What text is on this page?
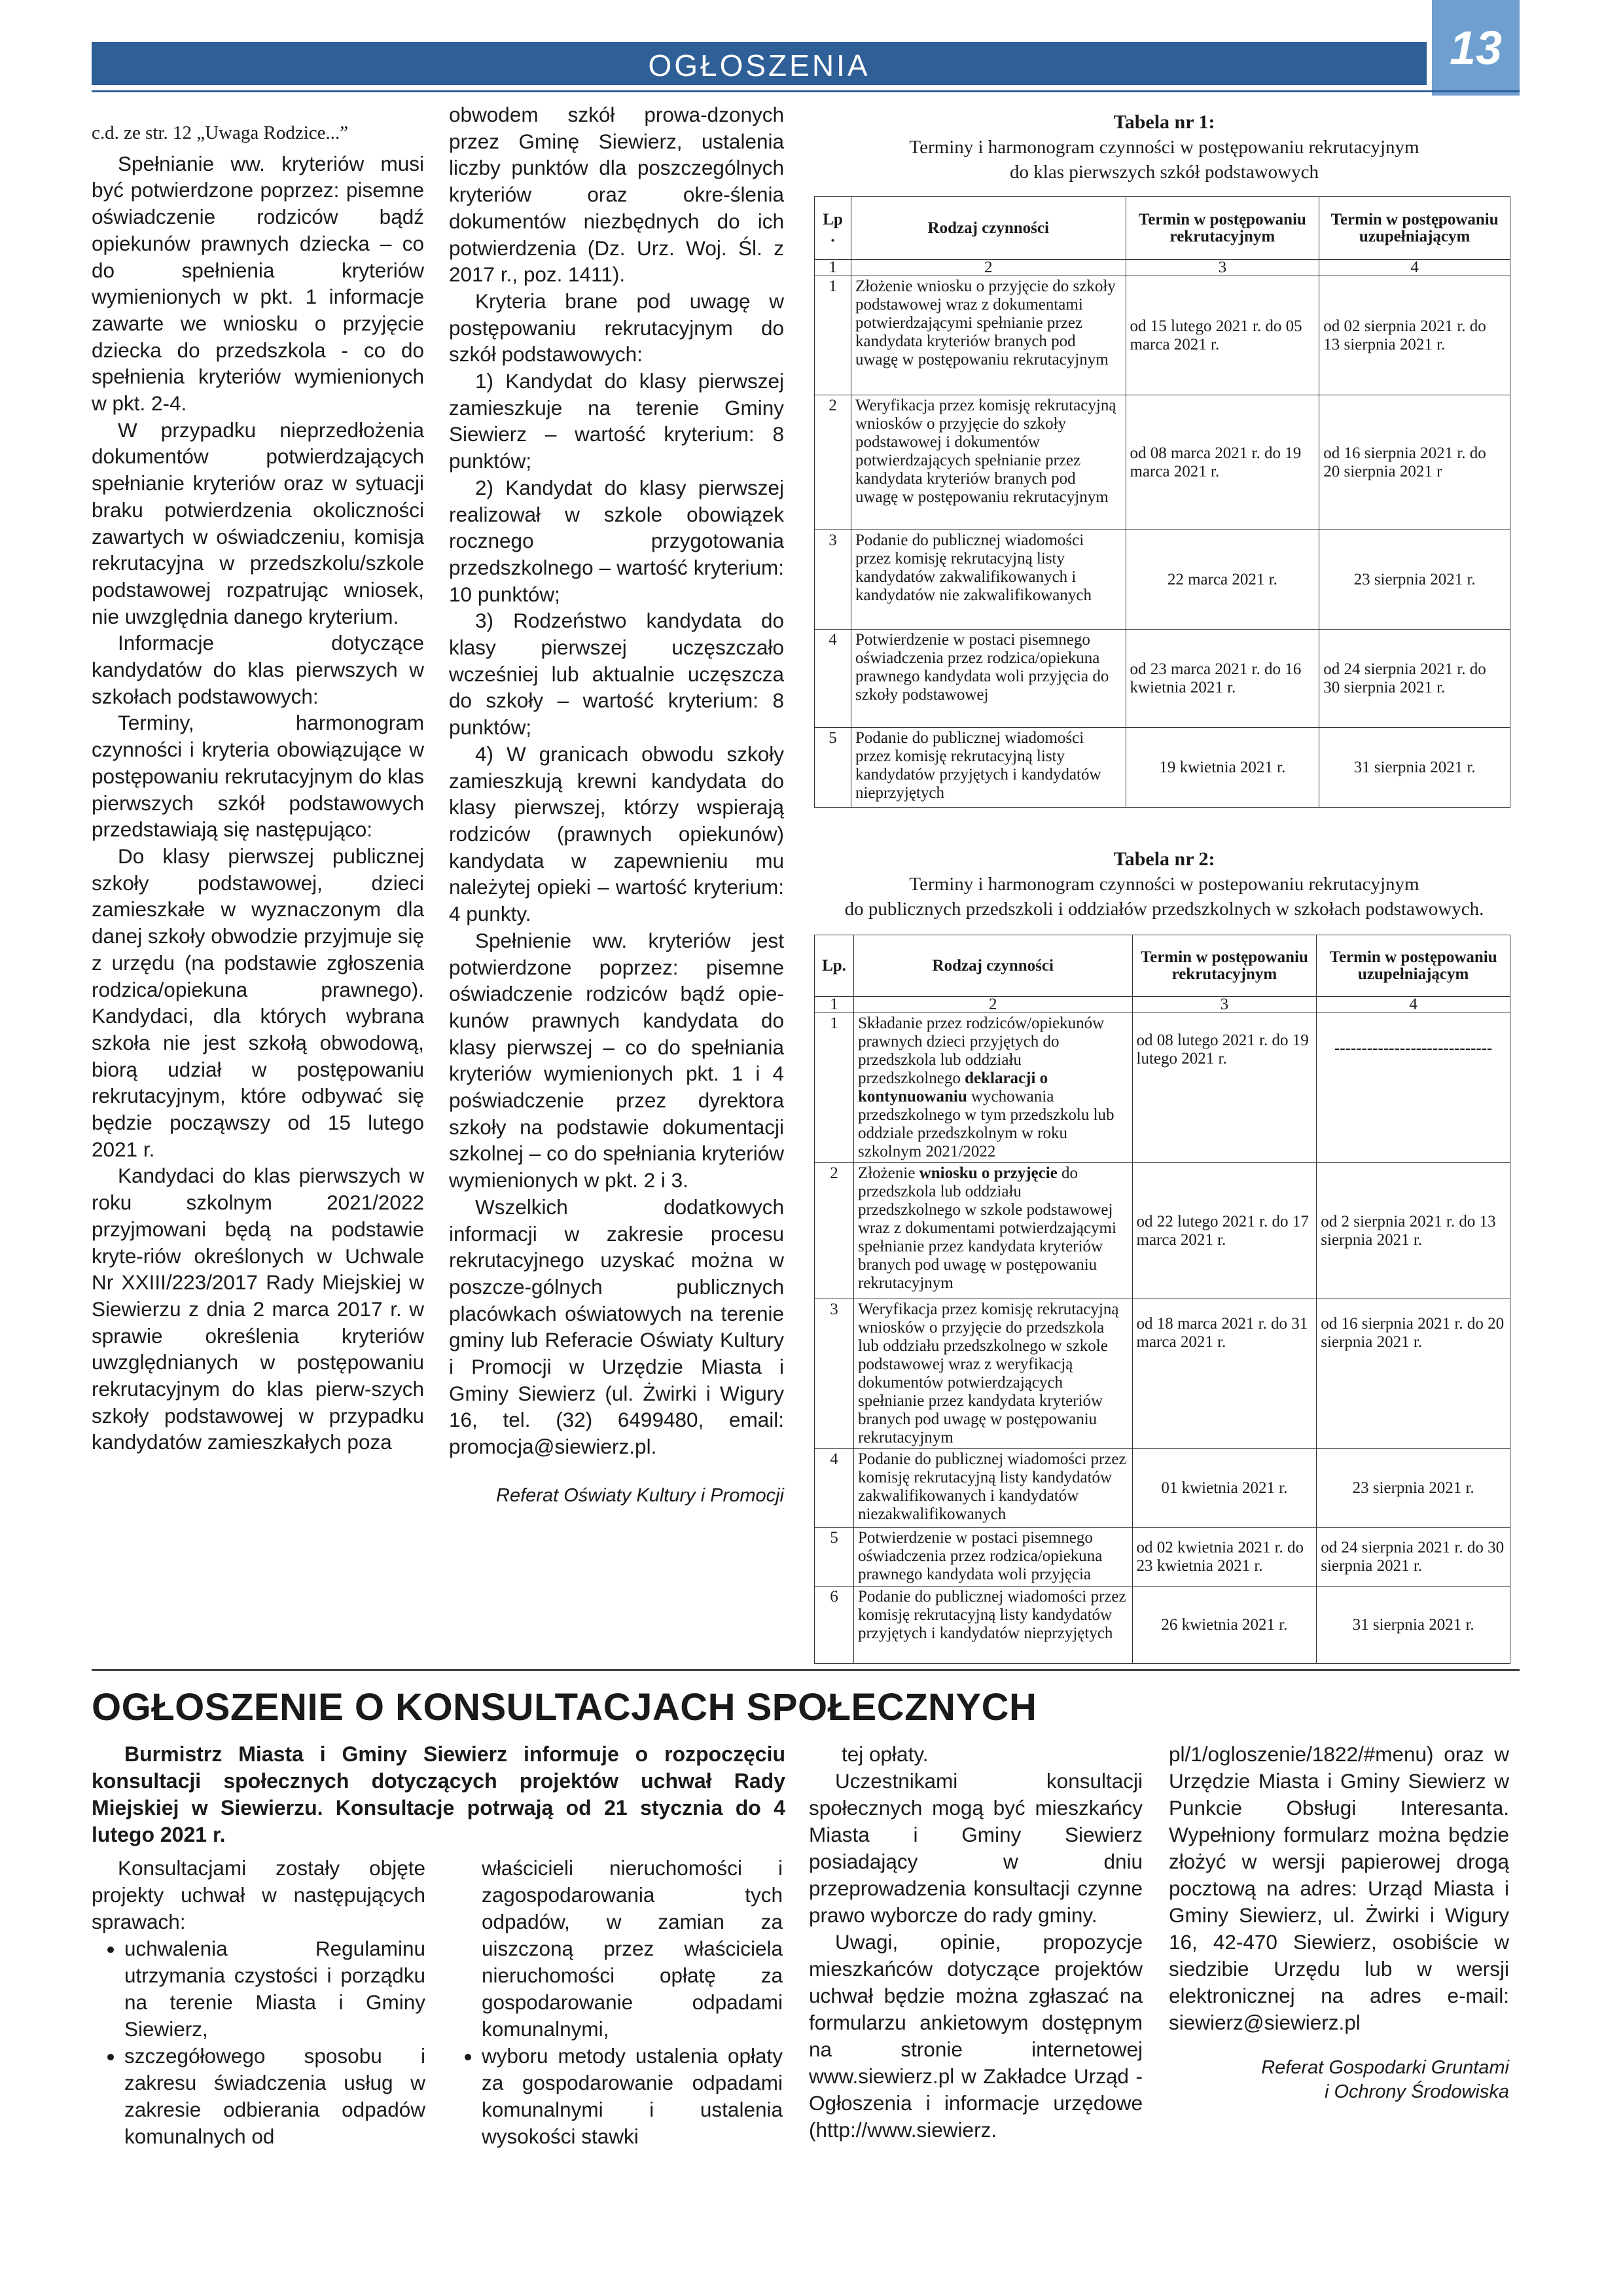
OGŁOSZENIA	13

c.d. ze str. 12 „Uwaga Rodzice...”

Spełnianie ww. kryteriów musi być potwierdzone poprzez: pisemne oświadczenie rodziców bądź opiekunów prawnych dziecka – co do spełnienia kryteriów wymienionych w pkt. 1 informacje zawarte we wniosku o przyjęcie dziecka do przedszkola - co do spełnienia kryteriów wymienionych w pkt. 2-4.

W przypadku nieprzedłożenia dokumentów potwierdzających spełnianie kryteriów oraz w sytuacji braku potwierdzenia okoliczności zawartych w oświadczeniu, komisja rekrutacyjna w przedszkolu/szkole podstawowej rozpatrując wniosek, nie uwzględnia danego kryterium.

Informacje dotyczące kandydatów do klas pierwszych w szkołach podstawowych:

Terminy, harmonogram czynności i kryteria obowiązujące w postępowaniu rekrutacyjnym do klas pierwszych szkół podstawowych przedstawiają się następująco:

Do klasy pierwszej publicznej szkoły podstawowej, dzieci zamieszkałe w wyznaczonym dla danej szkoły obwodzie przyjmuje się z urzędu (na podstawie zgłoszenia rodzica/opiekuna prawnego). Kandydaci, dla których wybrana szkoła nie jest szkołą obwodową, biorą udział w postępowaniu rekrutacyjnym, które odbywać się będzie począwszy od 15 lutego 2021 r.

Kandydaci do klas pierwszych w roku szkolnym 2021/2022 przyjmowani będą na podstawie kryte-riów określonych w Uchwale Nr XXIII/223/2017 Rady Miejskiej w Siewierzu z dnia 2 marca 2017 r. w sprawie określenia kryteriów uwzględnianych w postępowaniu rekrutacyjnym do klas pierw-szych szkoły podstawowej w przypadku kandydatów zamieszkałych poza

obwodem szkół prowa-dzonych przez Gminę Siewierz, ustalenia liczby punktów dla poszczególnych kryteriów oraz okre-ślenia dokumentów niezbędnych do ich potwierdzenia (Dz. Urz. Woj. Śl. z 2017 r., poz. 1411).

Kryteria brane pod uwagę w postępowaniu rekrutacyjnym do szkół podstawowych:

1) Kandydat do klasy pierwszej zamieszkuje na terenie Gminy Siewierz – wartość kryterium: 8 punktów;

2) Kandydat do klasy pierwszej realizował w szkole obowiązek rocznego przygotowania przedszkolnego – wartość kryterium: 10 punktów;

3) Rodzeństwo kandydata do klasy pierwszej uczęszczało wcześniej lub aktualnie uczęszcza do szkoły – wartość kryterium: 8 punktów;

4) W granicach obwodu szkoły zamieszkują krewni kandydata do klasy pierwszej, którzy wspierają rodziców (prawnych opiekunów) kandydata w zapewnieniu mu należytej opieki – wartość kryterium: 4 punkty.

Spełnienie ww. kryteriów jest potwierdzone poprzez: pisemne oświadczenie rodziców bądź opie-kunów prawnych kandydata do klasy pierwszej – co do spełniania kryteriów wymienionych pkt. 1 i 4 poświadczenie przez dyrektora szkoły na podstawie dokumentacji szkolnej – co do spełniania kryteriów wymienionych w pkt. 2 i 3.

Wszelkich dodatkowych informacji w zakresie procesu rekrutacyjnego uzyskać można w poszcze-gólnych publicznych placówkach oświatowych na terenie gminy lub Referacie Oświaty Kultury i Promocji w Urzędzie Miasta i Gminy Siewierz (ul. Żwirki i Wigury 16, tel. (32) 6499480, email: promocja@siewierz.pl.

Referat Oświaty Kultury i Promocji

Tabela nr 1:
Terminy i harmonogram czynności w postępowaniu rekrutacyjnym
do klas pierwszych szkół podstawowych
Lp .	Rodzaj czynności	Termin w postępowaniu rekrutacyjnym	Termin w postępowaniu uzupełniającym
1	2	3	4
1	Złożenie wniosku o przyjęcie do szkoły podstawowej wraz z dokumentami potwierdzającymi spełnianie przez kandydata kryteriów branych pod uwagę w postępowaniu rekrutacyjnym	od 15 lutego 2021 r. do 05 marca 2021 r.	od 02 sierpnia 2021 r. do 13 sierpnia 2021 r.
2	Weryfikacja przez komisję rekrutacyjną wniosków o przyjęcie do szkoły podstawowej i dokumentów potwierdzających spełnianie przez kandydata kryteriów branych pod uwagę w postępowaniu rekrutacyjnym	od 08 marca 2021 r. do 19 marca 2021 r.	od 16 sierpnia 2021 r. do 20 sierpnia 2021 r
3	Podanie do publicznej wiadomości przez komisję rekrutacyjną listy kandydatów zakwalifikowanych i kandydatów nie zakwalifikowanych	22 marca 2021 r.	23 sierpnia 2021 r.
4	Potwierdzenie w postaci pisemnego oświadczenia przez rodzica/opiekuna prawnego kandydata woli przyjęcia do szkoły podstawowej	od 23 marca 2021 r. do 16 kwietnia 2021 r.	od 24 sierpnia 2021 r. do 30 sierpnia 2021 r.
5	Podanie do publicznej wiadomości przez komisję rekrutacyjną listy kandydatów przyjętych i kandydatów nieprzyjętych	19 kwietnia 2021 r.	31 sierpnia 2021 r.
Tabela nr 2:
Terminy i harmonogram czynności w postepowaniu rekrutacyjnym
do publicznych przedszkoli i oddziałów przedszkolnych w szkołach podstawowych.
Lp.	Rodzaj czynności	Termin w postępowaniu rekrutacyjnym	Termin w postępowaniu uzupełniającym
1	2	3	4
1	Składanie przez rodziców/opiekunów prawnych dzieci przyjętych do przedszkola lub oddziału przedszkolnego deklaracji o kontynuowaniu wychowania przedszkolnego w tym przedszkolu lub oddziale przedszkolnym w roku szkolnym 2021/2022	od 08 lutego 2021 r. do 19 lutego 2021 r.	-----------------------------
2	Złożenie wniosku o przyjęcie do przedszkola lub oddziału przedszkolnego w szkole podstawowej wraz z dokumentami potwierdzającymi spełnianie przez kandydata kryteriów branych pod uwagę w postępowaniu rekrutacyjnym	od 22 lutego 2021 r. do 17 marca 2021 r.	od 2 sierpnia 2021 r. do 13 sierpnia 2021 r.
3	Weryfikacja przez komisję rekrutacyjną wniosków o przyjęcie do przedszkola lub oddziału przedszkolnego w szkole podstawowej wraz z weryfikacją dokumentów potwierdzających spełnianie przez kandydata kryteriów branych pod uwagę w postępowaniu rekrutacyjnym	od 18 marca 2021 r. do 31 marca 2021 r.	od 16 sierpnia 2021 r. do 20 sierpnia 2021 r.
4	Podanie do publicznej wiadomości przez komisję rekrutacyjną listy kandydatów zakwalifikowanych i kandydatów niezakwalifikowanych	01 kwietnia 2021 r.	23 sierpnia 2021 r.
5	Potwierdzenie w postaci pisemnego oświadczenia przez rodzica/opiekuna prawnego kandydata woli przyjęcia	od 02 kwietnia 2021 r. do 23 kwietnia 2021 r.	od 24 sierpnia 2021 r. do 30 sierpnia 2021 r.
6	Podanie do publicznej wiadomości przez komisję rekrutacyjną listy kandydatów przyjętych i kandydatów nieprzyjętych	26 kwietnia 2021 r.	31 sierpnia 2021 r.
OGŁOSZENIE O KONSULTACJACH SPOŁECZNYCH

Burmistrz Miasta i Gminy Siewierz informuje o rozpoczęciu konsultacji społecznych dotyczących projektów uchwał Rady Miejskiej w Siewierzu. Konsultacje potrwają od 21 stycznia do 4 lutego 2021 r.

Konsultacjami zostały objęte projekty uchwał w następujących sprawach:

• uchwalenia Regulaminu utrzymania czystości i porządku na terenie Miasta i Gminy Siewierz,
• szczegółowego sposobu i zakresu świadczenia usług w zakresie odbierania odpadów komunalnych od

właścicieli nieruchomości i zagospodarowania tych odpadów, w zamian za uiszczoną przez właściciela nieruchomości opłatę za gospodarowanie odpadami komunalnymi,

• wyboru metody ustalenia opłaty za gospodarowanie odpadami komunalnymi i ustalenia wysokości stawki

tej opłaty.

Uczestnikami konsultacji społecznych mogą być mieszkańcy Miasta i Gminy Siewierz posiadający w dniu przeprowadzenia konsultacji czynne prawo wyborcze do rady gminy.

Uwagi, opinie, propozycje mieszkańców dotyczące projektów uchwał będzie można zgłaszać na formularzu ankietowym dostępnym na stronie internetowej www.siewierz.pl w Zakładce Urząd - Ogłoszenia i informacje urzędowe (http://www.siewierz.

pl/1/ogloszenie/1822/#menu) oraz w Urzędzie Miasta i Gminy Siewierz w Punkcie Obsługi Interesanta. Wypełniony formularz można będzie złożyć w wersji papierowej drogą pocztową na adres: Urząd Miasta i Gminy Siewierz, ul. Żwirki i Wigury 16, 42-470 Siewierz, osobiście w siedzibie Urzędu lub w wersji elektronicznej na adres e-mail: siewierz@siewierz.pl

Referat Gospodarki Gruntami
i Ochrony Środowiska
